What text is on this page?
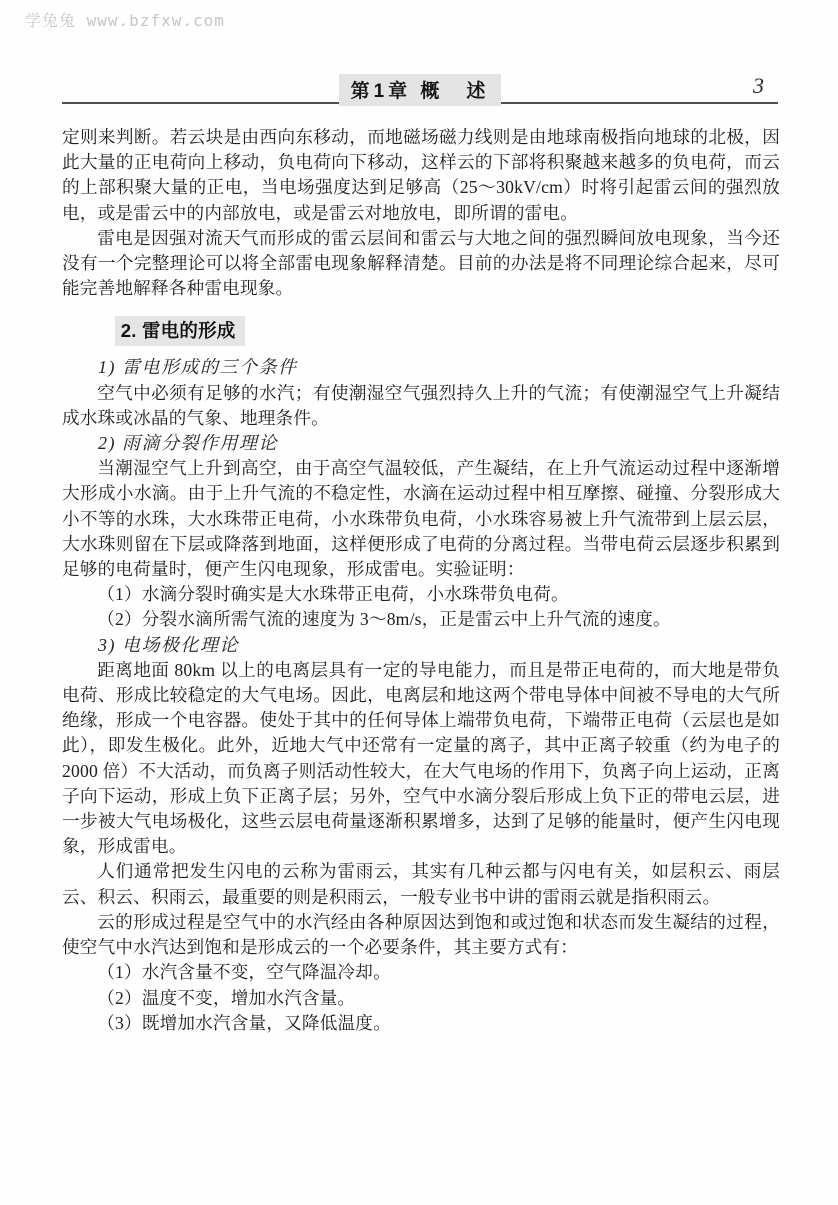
学兔兔 www.bzfxw.com
第1章 概　述	3

定则来判断。若云块是由西向东移动，而地磁场磁力线则是由地球南极指向地球的北极，因此大量的正电荷向上移动，负电荷向下移动，这样云的下部将积聚越来越多的负电荷，而云的上部积聚大量的正电，当电场强度达到足够高（25～30kV/cm）时将引起雷云间的强烈放电，或是雷云中的内部放电，或是雷云对地放电，即所谓的雷电。

雷电是因强对流天气而形成的雷云层间和雷云与大地之间的强烈瞬间放电现象，当今还没有一个完整理论可以将全部雷电现象解释清楚。目前的办法是将不同理论综合起来，尽可能完善地解释各种雷电现象。

2. 雷电的形成

1) 雷电形成的三个条件

空气中必须有足够的水汽；有使潮湿空气强烈持久上升的气流；有使潮湿空气上升凝结成水珠或冰晶的气象、地理条件。

2) 雨滴分裂作用理论

当潮湿空气上升到高空，由于高空气温较低，产生凝结，在上升气流运动过程中逐渐增大形成小水滴。由于上升气流的不稳定性，水滴在运动过程中相互摩擦、碰撞、分裂形成大小不等的水珠，大水珠带正电荷，小水珠带负电荷，小水珠容易被上升气流带到上层云层，大水珠则留在下层或降落到地面，这样便形成了电荷的分离过程。当带电荷云层逐步积累到足够的电荷量时，便产生闪电现象，形成雷电。实验证明：

（1）水滴分裂时确实是大水珠带正电荷，小水珠带负电荷。

（2）分裂水滴所需气流的速度为 3～8m/s，正是雷云中上升气流的速度。

3) 电场极化理论

距离地面 80km 以上的电离层具有一定的导电能力，而且是带正电荷的，而大地是带负电荷、形成比较稳定的大气电场。因此，电离层和地这两个带电导体中间被不导电的大气所绝缘，形成一个电容器。使处于其中的任何导体上端带负电荷，下端带正电荷（云层也是如此），即发生极化。此外，近地大气中还常有一定量的离子，其中正离子较重（约为电子的 2000 倍）不大活动，而负离子则活动性较大，在大气电场的作用下，负离子向上运动，正离子向下运动，形成上负下正离子层；另外，空气中水滴分裂后形成上负下正的带电云层，进一步被大气电场极化，这些云层电荷量逐渐积累增多，达到了足够的能量时，便产生闪电现象，形成雷电。

人们通常把发生闪电的云称为雷雨云，其实有几种云都与闪电有关，如层积云、雨层云、积云、积雨云，最重要的则是积雨云，一般专业书中讲的雷雨云就是指积雨云。

云的形成过程是空气中的水汽经由各种原因达到饱和或过饱和状态而发生凝结的过程，使空气中水汽达到饱和是形成云的一个必要条件，其主要方式有：

（1）水汽含量不变，空气降温冷却。

（2）温度不变，增加水汽含量。

（3）既增加水汽含量，又降低温度。
